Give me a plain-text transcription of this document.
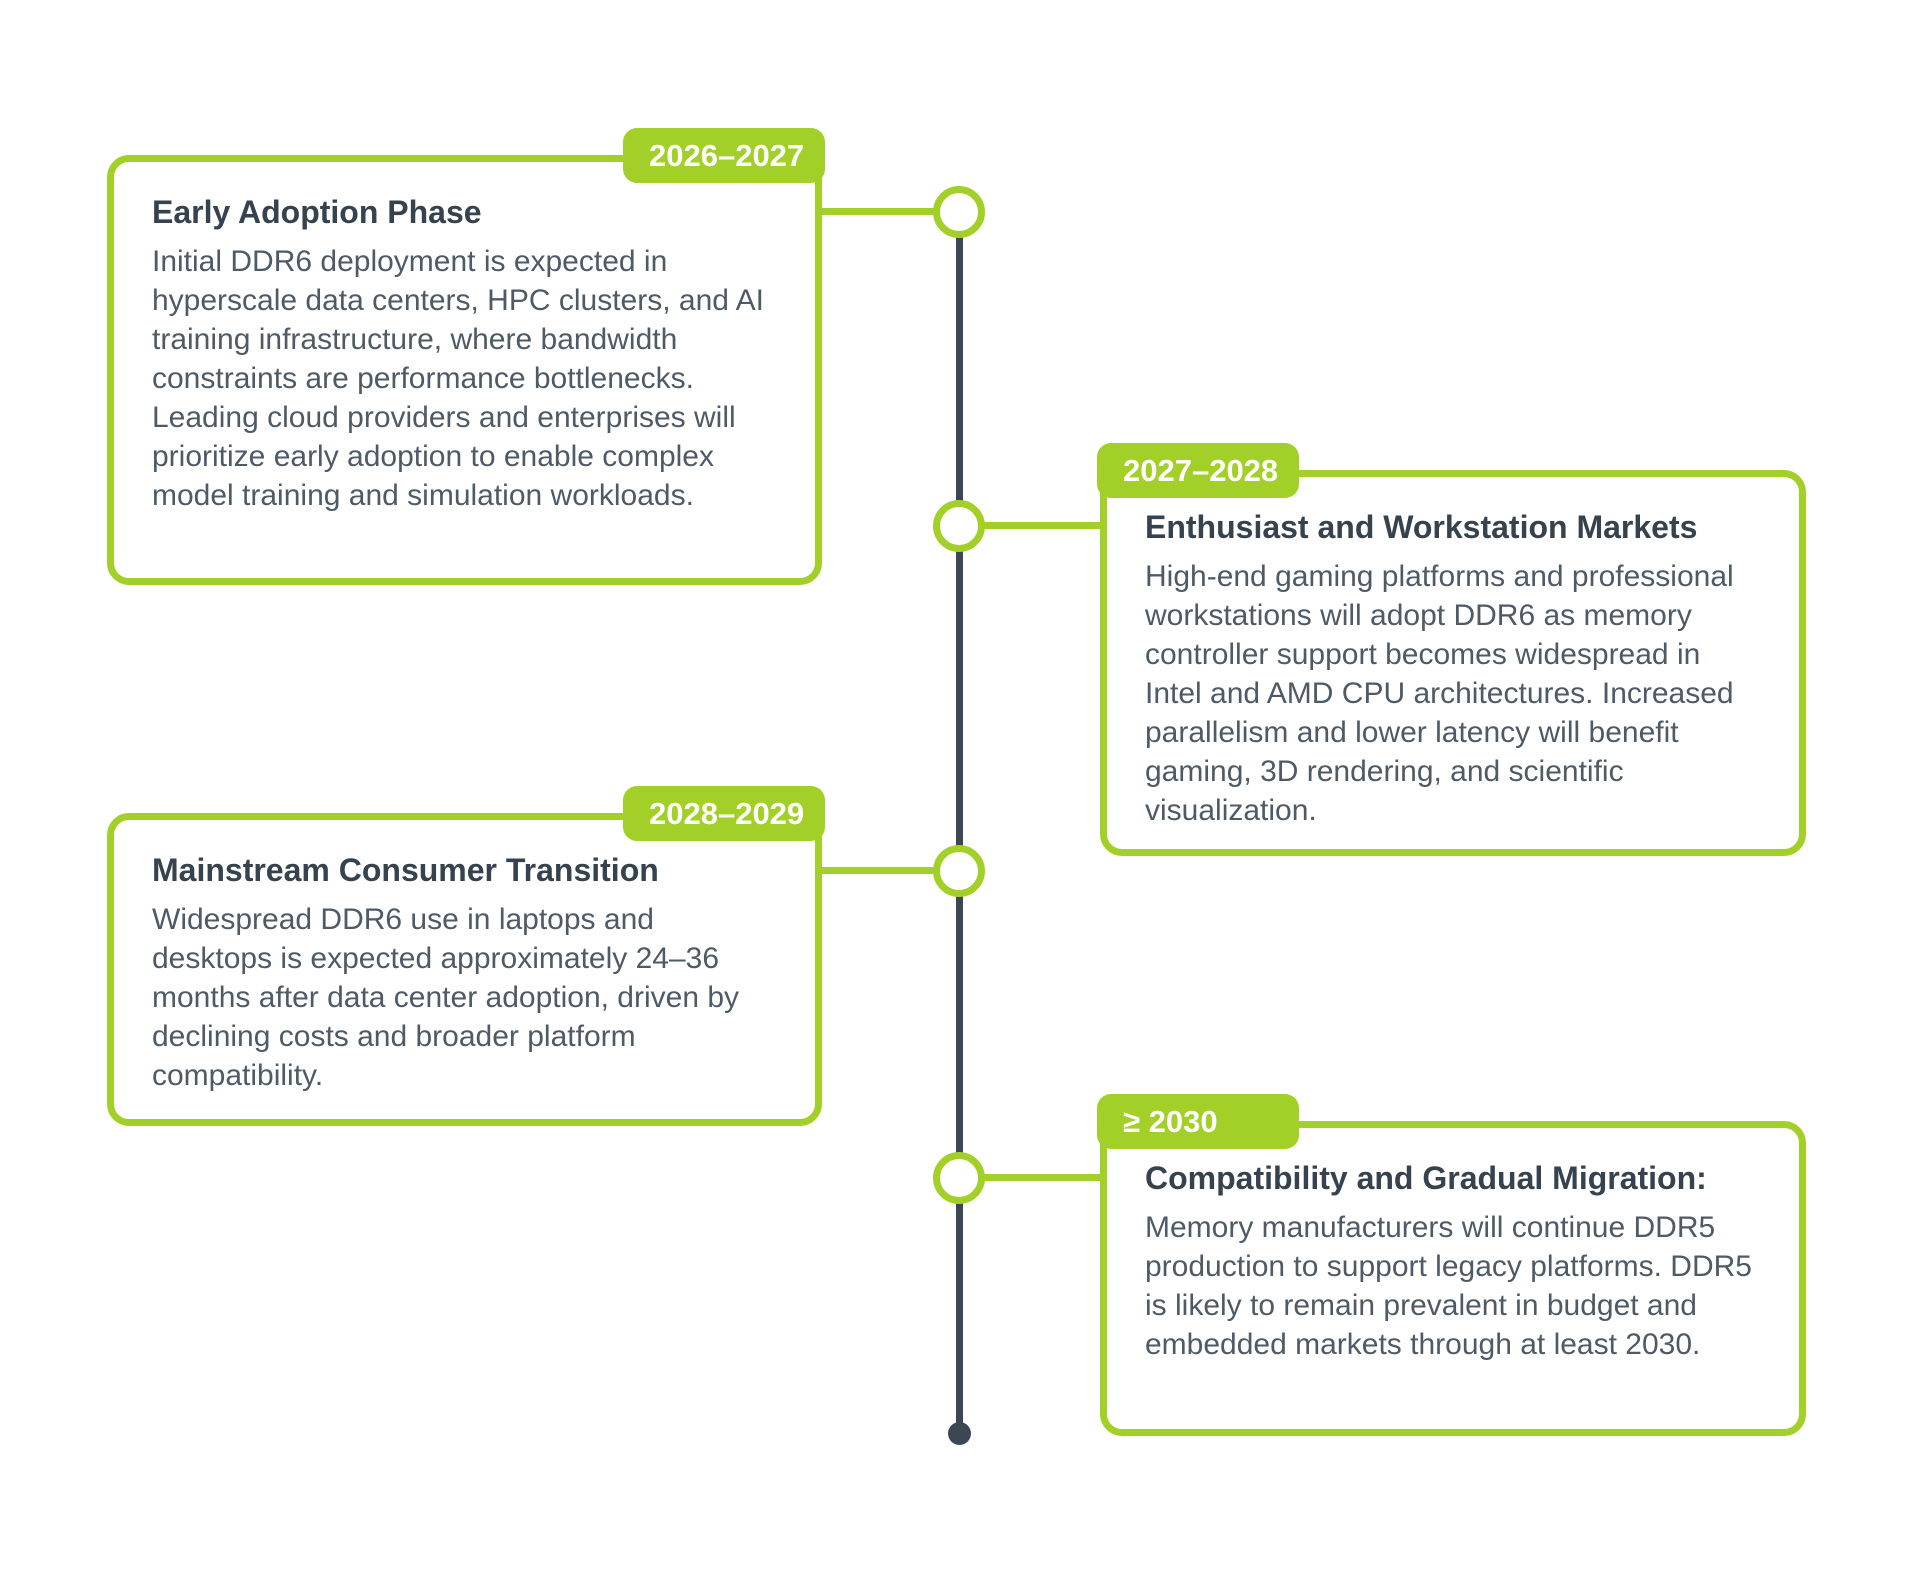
2026–2027
Early Adoption Phase

Initial DDR6 deployment is expected in hyperscale data centers, HPC clusters, and AI training infrastructure, where bandwidth constraints are performance bottlenecks. Leading cloud providers and enterprises will prioritize early adoption to enable complex model training and simulation workloads.

2027–2028
Enthusiast and Workstation Markets

High-end gaming platforms and professional workstations will adopt DDR6 as memory controller support becomes widespread in Intel and AMD CPU architectures. Increased parallelism and lower latency will benefit gaming, 3D rendering, and scientific visualization.

2028–2029
Mainstream Consumer Transition

Widespread DDR6 use in laptops and desktops is expected approximately 24–36 months after data center adoption, driven by declining costs and broader platform compatibility.

≥ 2030
Compatibility and Gradual Migration:

Memory manufacturers will continue DDR5 production to support legacy platforms. DDR5 is likely to remain prevalent in budget and embedded markets through at least 2030.
